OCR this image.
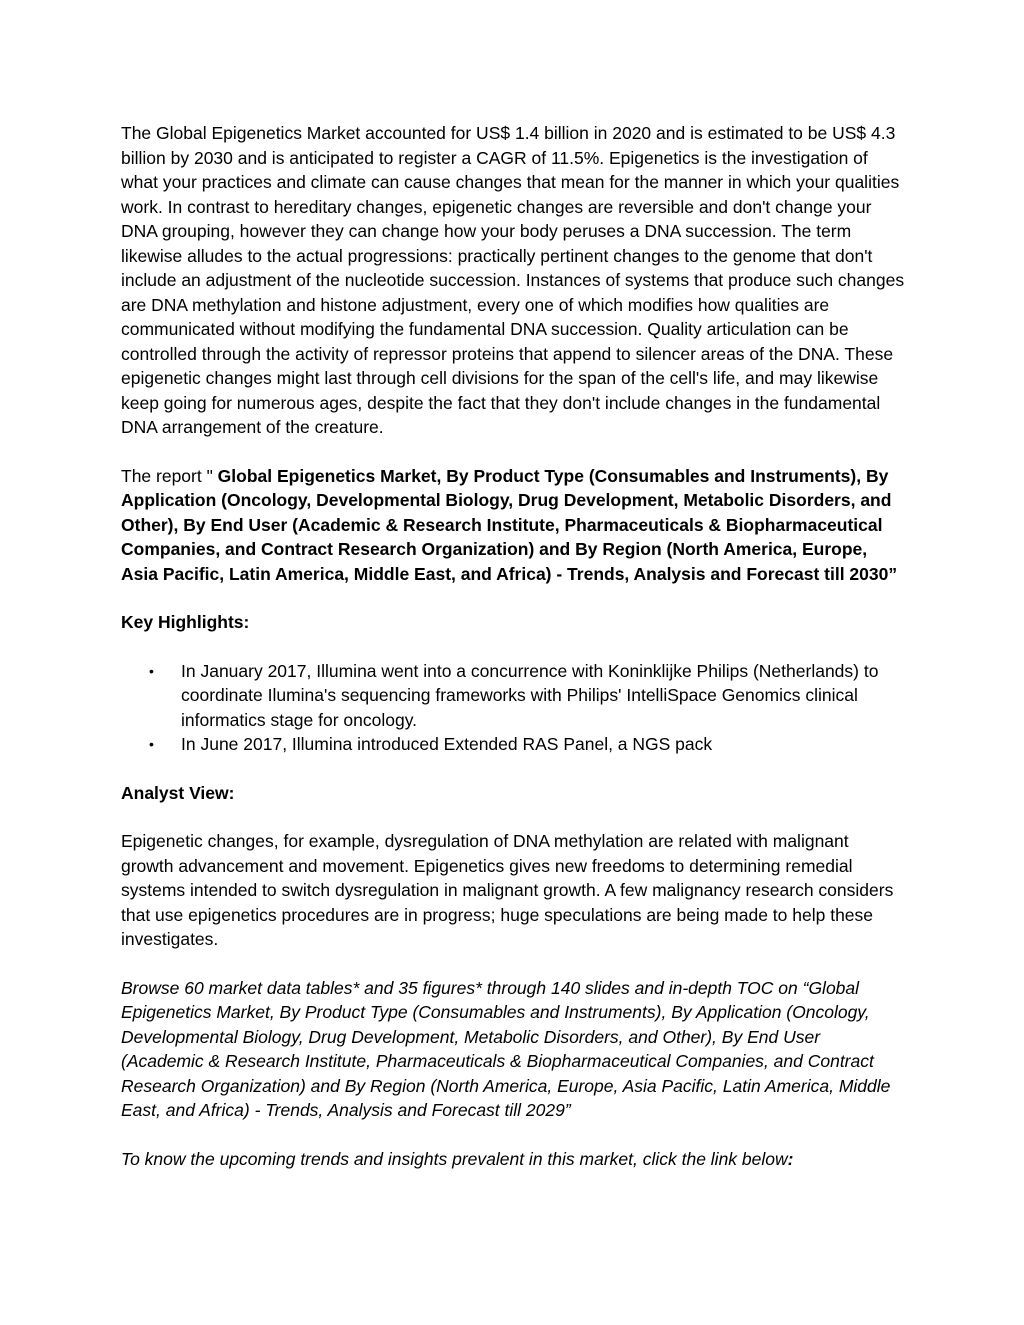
The Global Epigenetics Market accounted for US$ 1.4 billion in 2020 and is estimated to be US$ 4.3 billion by 2030 and is anticipated to register a CAGR of 11.5%. Epigenetics is the investigation of what your practices and climate can cause changes that mean for the manner in which your qualities work. In contrast to hereditary changes, epigenetic changes are reversible and don't change your DNA grouping, however they can change how your body peruses a DNA succession. The term likewise alludes to the actual progressions: practically pertinent changes to the genome that don't include an adjustment of the nucleotide succession. Instances of systems that produce such changes are DNA methylation and histone adjustment, every one of which modifies how qualities are communicated without modifying the fundamental DNA succession. Quality articulation can be controlled through the activity of repressor proteins that append to silencer areas of the DNA. These epigenetic changes might last through cell divisions for the span of the cell's life, and may likewise keep going for numerous ages, despite the fact that they don't include changes in the fundamental DNA arrangement of the creature.

The report " Global Epigenetics Market, By Product Type (Consumables and Instruments), By Application (Oncology, Developmental Biology, Drug Development, Metabolic Disorders, and Other), By End User (Academic & Research Institute, Pharmaceuticals & Biopharmaceutical Companies, and Contract Research Organization) and By Region (North America, Europe, Asia Pacific, Latin America, Middle East, and Africa) - Trends, Analysis and Forecast till 2030”

Key Highlights:
• In January 2017, Illumina went into a concurrence with Koninklijke Philips (Netherlands) to coordinate Ilumina's sequencing frameworks with Philips' IntelliSpace Genomics clinical informatics stage for oncology.
• In June 2017, Illumina introduced Extended RAS Panel, a NGS pack
Analyst View:

Epigenetic changes, for example, dysregulation of DNA methylation are related with malignant growth advancement and movement. Epigenetics gives new freedoms to determining remedial systems intended to switch dysregulation in malignant growth. A few malignancy research considers that use epigenetics procedures are in progress; huge speculations are being made to help these investigates.

Browse 60 market data tables* and 35 figures* through 140 slides and in-depth TOC on “Global Epigenetics Market, By Product Type (Consumables and Instruments), By Application (Oncology, Developmental Biology, Drug Development, Metabolic Disorders, and Other), By End User (Academic & Research Institute, Pharmaceuticals & Biopharmaceutical Companies, and Contract Research Organization) and By Region (North America, Europe, Asia Pacific, Latin America, Middle East, and Africa) - Trends, Analysis and Forecast till 2029”

To know the upcoming trends and insights prevalent in this market, click the link below:
